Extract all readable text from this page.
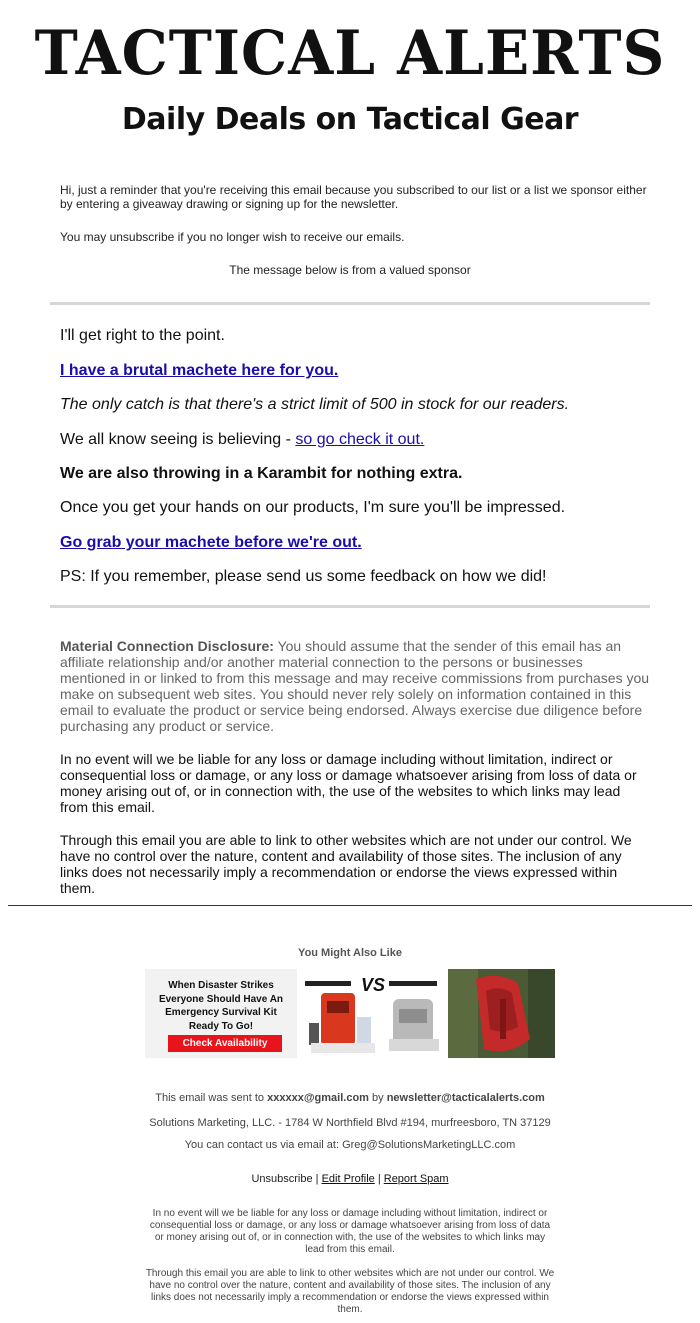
TACTICAL ALERTS
Daily Deals on Tactical Gear
Hi, just a reminder that you're receiving this email because you subscribed to our list or a list we sponsor either by entering a giveaway drawing or signing up for the newsletter.
You may unsubscribe if you no longer wish to receive our emails.
The message below is from a valued sponsor
I'll get right to the point.
I have a brutal machete here for you.
The only catch is that there's a strict limit of 500 in stock for our readers.
We all know seeing is believing - so go check it out.
We are also throwing in a Karambit for nothing extra.
Once you get your hands on our products, I'm sure you'll be impressed.
Go grab your machete before we're out.
PS: If you remember, please send us some feedback on how we did!
Material Connection Disclosure: You should assume that the sender of this email has an affiliate relationship and/or another material connection to the persons or businesses mentioned in or linked to from this message and may receive commissions from purchases you make on subsequent web sites. You should never rely solely on information contained in this email to evaluate the product or service being endorsed. Always exercise due diligence before purchasing any product or service.
In no event will we be liable for any loss or damage including without limitation, indirect or consequential loss or damage, or any loss or damage whatsoever arising from loss of data or money arising out of, or in connection with, the use of the websites to which links may lead from this email.
Through this email you are able to link to other websites which are not under our control. We have no control over the nature, content and availability of those sites. The inclusion of any links does not necessarily imply a recommendation or endorse the views expressed within them.
You Might Also Like
When Disaster Strikes
Everyone Should Have An
Emergency Survival Kit
Ready To Go!
Check Availability
VS
This email was sent to xxxxxx@gmail.com by newsletter@tacticalalerts.com
Solutions Marketing, LLC. - 1784 W Northfield Blvd #194, murfreesboro, TN 37129
You can contact us via email at: Greg@SolutionsMarketingLLC.com
Unsubscribe | Edit Profile | Report Spam
In no event will we be liable for any loss or damage including without limitation, indirect or consequential loss or damage, or any loss or damage whatsoever arising from loss of data or money arising out of, or in connection with, the use of the websites to which links may lead from this email.
Through this email you are able to link to other websites which are not under our control. We have no control over the nature, content and availability of those sites. The inclusion of any links does not necessarily imply a recommendation or endorse the views expressed within them.
